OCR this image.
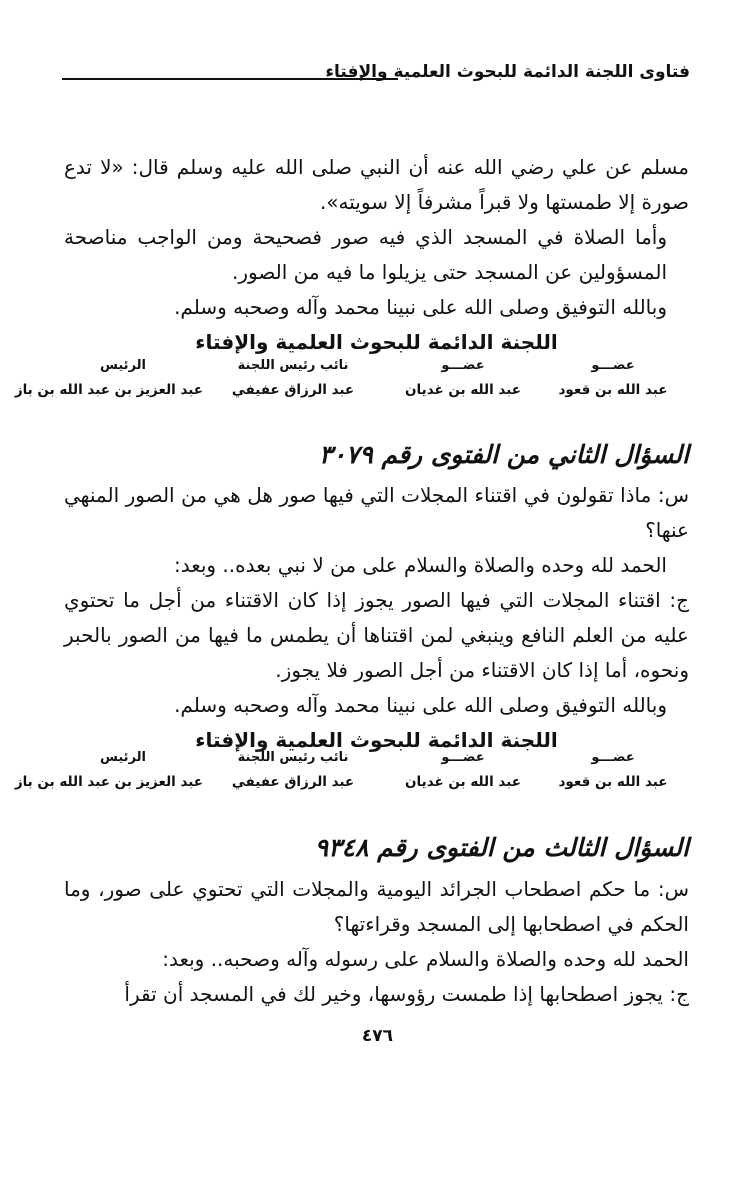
فتاوى اللجنة الدائمة للبحوث العلمية والإفتاء

مسلم عن علي رضي الله عنه أن النبي صلى الله عليه وسلم قال: «لا تدع صورة إلا طمستها ولا قبراً مشرفاً إلا سويته».

وأما الصلاة في المسجد الذي فيه صور فصحيحة ومن الواجب مناصحة المسؤولين عن المسجد حتى يزيلوا ما فيه من الصور.

وبالله التوفيق وصلى الله على نبينا محمد وآله وصحبه وسلم.

اللجنة الدائمة للبحوث العلمية والإفتاء

عضـــو
عبد الله بن قعود
عضـــو
عبد الله بن غديان
نائب رئيس اللجنة
عبد الرزاق عفيفي
الرئيس
عبد العزيز بن عبد الله بن باز
السؤال الثاني من الفتوى رقم ٣٠٧٩

س: ماذا تقولون في اقتناء المجلات التي فيها صور هل هي من الصور المنهي عنها؟

الحمد لله وحده والصلاة والسلام على من لا نبي بعده.. وبعد:

ج: اقتناء المجلات التي فيها الصور يجوز إذا كان الاقتناء من أجل ما تحتوي عليه من العلم النافع وينبغي لمن اقتناها أن يطمس ما فيها من الصور بالحبر ونحوه، أما إذا كان الاقتناء من أجل الصور فلا يجوز.

وبالله التوفيق وصلى الله على نبينا محمد وآله وصحبه وسلم.

اللجنة الدائمة للبحوث العلمية والإفتاء

عضـــو
عبد الله بن قعود
عضـــو
عبد الله بن غديان
نائب رئيس اللجنة
عبد الرزاق عفيفي
الرئيس
عبد العزيز بن عبد الله بن باز
السؤال الثالث من الفتوى رقم ٩٣٤٨

س: ما حكم اصطحاب الجرائد اليومية والمجلات التي تحتوي على صور، وما الحكم في اصطحابها إلى المسجد وقراءتها؟

الحمد لله وحده والصلاة والسلام على رسوله وآله وصحبه.. وبعد:

ج: يجوز اصطحابها إذا طمست رؤوسها، وخير لك في المسجد أن تقرأ

٤٧٦
